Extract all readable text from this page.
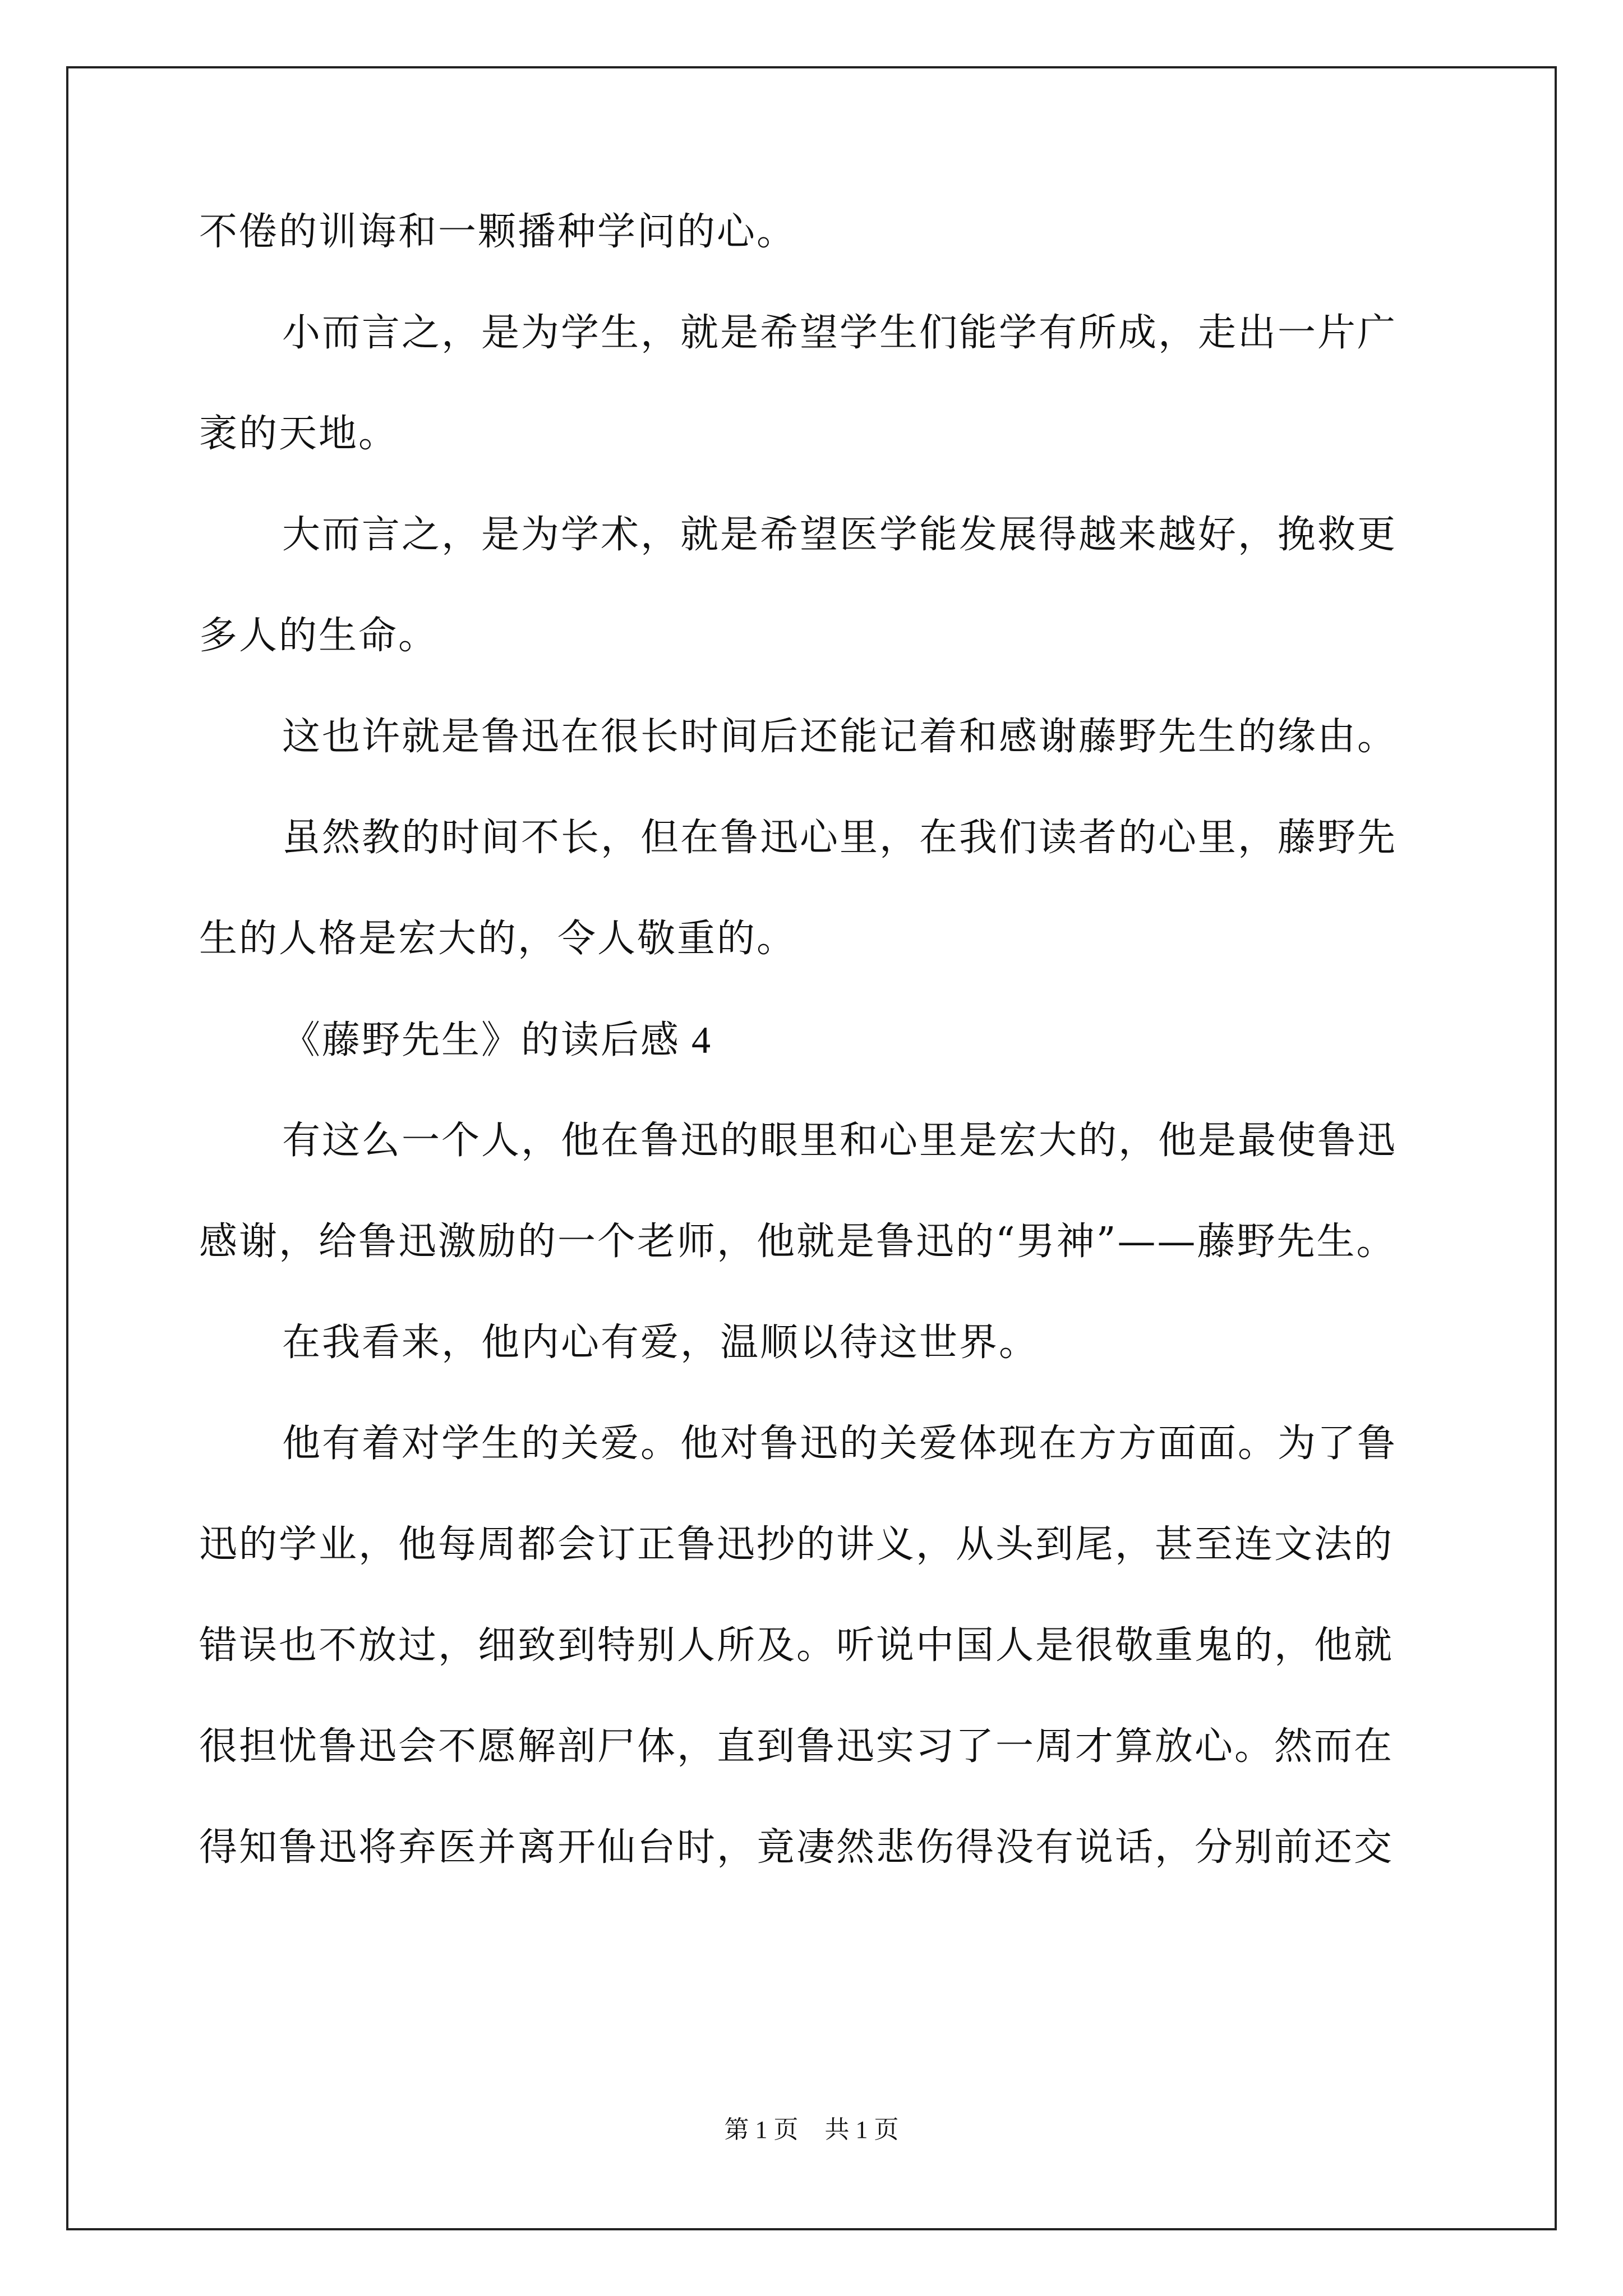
不倦的训诲和一颗播种学问的心。
小而言之，是为学生，就是希望学生们能学有所成，走出一片广
袤的天地。
大而言之，是为学术，就是希望医学能发展得越来越好，挽救更
多人的生命。
这也许就是鲁迅在很长时间后还能记着和感谢藤野先生的缘由。
虽然教的时间不长，但在鲁迅心里，在我们读者的心里，藤野先
生的人格是宏大的，令人敬重的。
《藤野先生》的读后感 4
有这么一个人，他在鲁迅的眼里和心里是宏大的，他是最使鲁迅
感谢，给鲁迅激励的一个老师，他就是鲁迅的“男神”——藤野先生。
在我看来，他内心有爱，温顺以待这世界。
他有着对学生的关爱。他对鲁迅的关爱体现在方方面面。为了鲁
迅的学业，他每周都会订正鲁迅抄的讲义，从头到尾，甚至连文法的
错误也不放过，细致到特别人所及。听说中国人是很敬重鬼的，他就
很担忧鲁迅会不愿解剖尸体，直到鲁迅实习了一周才算放心。然而在
得知鲁迅将弃医并离开仙台时，竟凄然悲伤得没有说话，分别前还交
第 1 页 共 1 页
